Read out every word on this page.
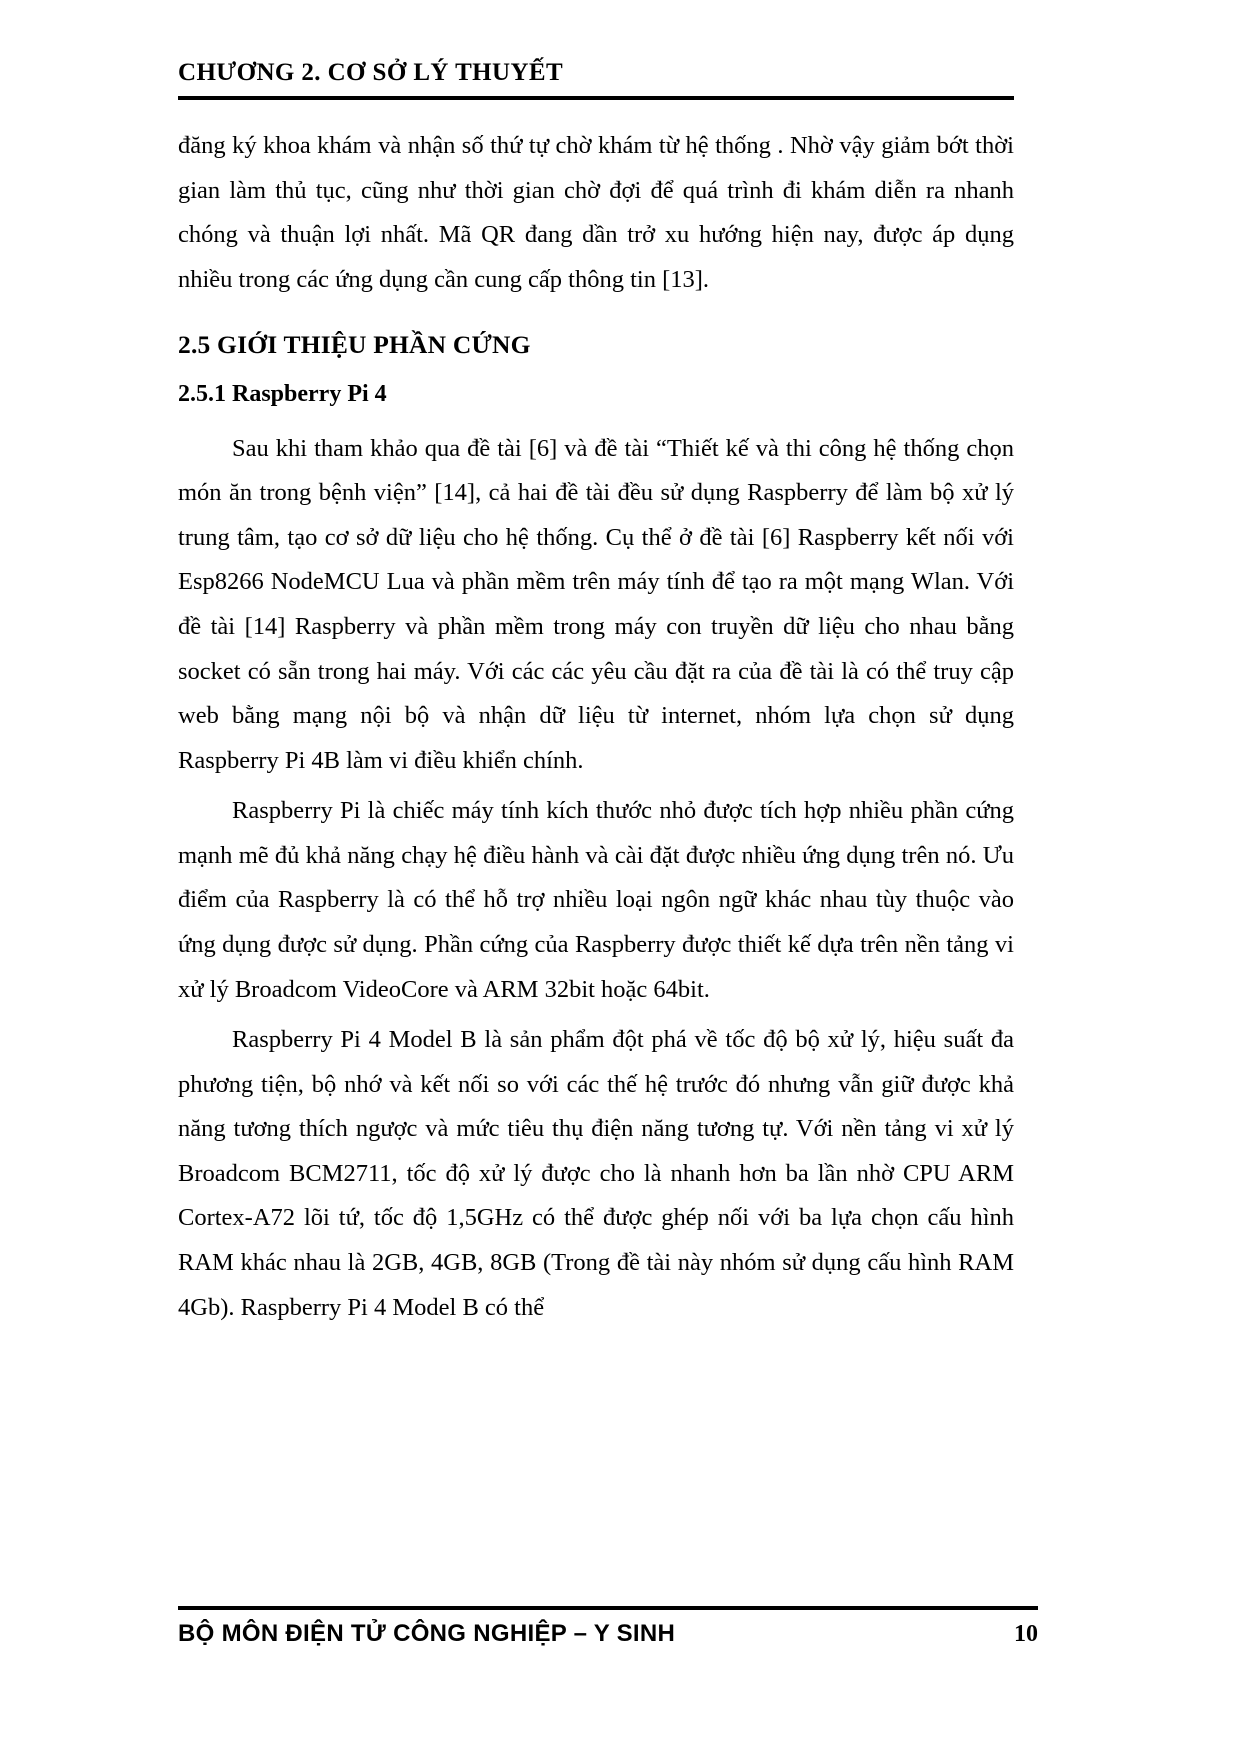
CHƯƠNG 2. CƠ SỞ LÝ THUYẾT

đăng ký khoa khám và nhận số thứ tự chờ khám từ hệ thống . Nhờ vậy giảm bớt thời gian làm thủ tục, cũng như thời gian chờ đợi để quá trình đi khám diễn ra nhanh chóng và thuận lợi nhất. Mã QR đang dần trở xu hướng hiện nay, được áp dụng nhiều trong các ứng dụng cần cung cấp thông tin [13].

2.5 GIỚI THIỆU PHẦN CỨNG
2.5.1 Raspberry Pi 4

Sau khi tham khảo qua đề tài [6] và đề tài “Thiết kế và thi công hệ thống chọn món ăn trong bệnh viện” [14], cả hai đề tài đều sử dụng Raspberry để làm bộ xử lý trung tâm, tạo cơ sở dữ liệu cho hệ thống. Cụ thể ở đề tài [6] Raspberry kết nối với Esp8266 NodeMCU Lua và phần mềm trên máy tính để tạo ra một mạng Wlan. Với đề tài [14] Raspberry và phần mềm trong máy con truyền dữ liệu cho nhau bằng socket có sẵn trong hai máy. Với các các yêu cầu đặt ra của đề tài là có thể truy cập web bằng mạng nội bộ và nhận dữ liệu từ internet, nhóm lựa chọn sử dụng Raspberry Pi 4B làm vi điều khiển chính.

Raspberry Pi là chiếc máy tính kích thước nhỏ được tích hợp nhiều phần cứng mạnh mẽ đủ khả năng chạy hệ điều hành và cài đặt được nhiều ứng dụng trên nó. Ưu điểm của Raspberry là có thể hỗ trợ nhiều loại ngôn ngữ khác nhau tùy thuộc vào ứng dụng được sử dụng. Phần cứng của Raspberry được thiết kế dựa trên nền tảng vi xử lý Broadcom VideoCore và ARM 32bit hoặc 64bit.

Raspberry Pi 4 Model B là sản phẩm đột phá về tốc độ bộ xử lý, hiệu suất đa phương tiện, bộ nhớ và kết nối so với các thế hệ trước đó nhưng vẫn giữ được khả năng tương thích ngược và mức tiêu thụ điện năng tương tự. Với nền tảng vi xử lý Broadcom BCM2711, tốc độ xử lý được cho là nhanh hơn ba lần nhờ CPU ARM Cortex-A72 lõi tứ, tốc độ 1,5GHz có thể được ghép nối với ba lựa chọn cấu hình RAM khác nhau là 2GB, 4GB, 8GB (Trong đề tài này nhóm sử dụng cấu hình RAM 4Gb). Raspberry Pi 4 Model B có thể

BỘ MÔN ĐIỆN TỬ CÔNG NGHIỆP – Y SINH	10
